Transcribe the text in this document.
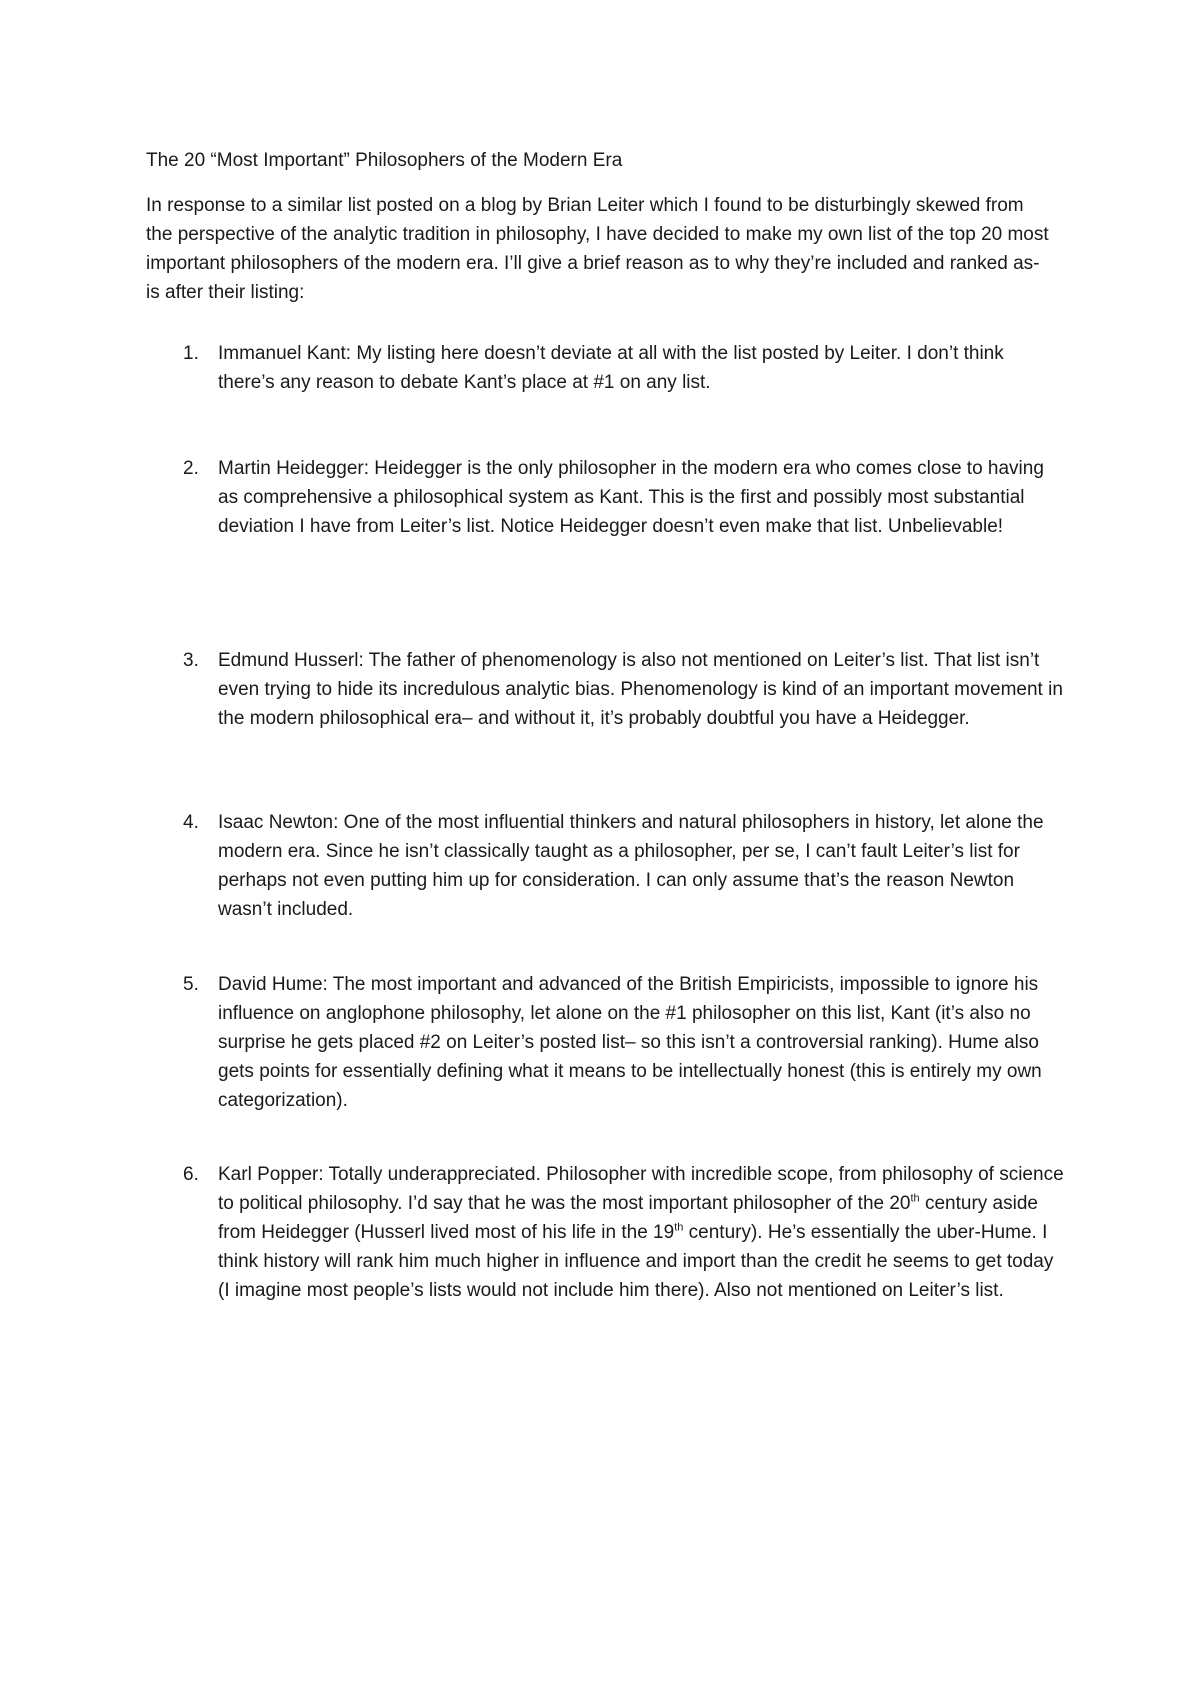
The 20 “Most Important” Philosophers of the Modern Era
In response to a similar list posted on a blog by Brian Leiter which I found to be disturbingly skewed from the perspective of the analytic tradition in philosophy, I have decided to make my own list of the top 20 most important philosophers of the modern era. I’ll give a brief reason as to why they’re included and ranked as-is after their listing:
1.	Immanuel Kant: My listing here doesn’t deviate at all with the list posted by Leiter. I don’t think there’s any reason to debate Kant’s place at #1 on any list.
2.	Martin Heidegger: Heidegger is the only philosopher in the modern era who comes close to having as comprehensive a philosophical system as Kant. This is the first and possibly most substantial deviation I have from Leiter’s list. Notice Heidegger doesn’t even make that list. Unbelievable!
3.	Edmund Husserl: The father of phenomenology is also not mentioned on Leiter’s list. That list isn’t even trying to hide its incredulous analytic bias. Phenomenology is kind of an important movement in the modern philosophical era– and without it, it’s probably doubtful you have a Heidegger.
4.	Isaac Newton: One of the most influential thinkers and natural philosophers in history, let alone the modern era. Since he isn’t classically taught as a philosopher, per se, I can’t fault Leiter’s list for perhaps not even putting him up for consideration. I can only assume that’s the reason Newton wasn’t included.
5.	David Hume: The most important and advanced of the British Empiricists, impossible to ignore his influence on anglophone philosophy, let alone on the #1 philosopher on this list, Kant (it’s also no surprise he gets placed #2 on Leiter’s posted list– so this isn’t a controversial ranking). Hume also gets points for essentially defining what it means to be intellectually honest (this is entirely my own categorization).
6.	Karl Popper: Totally underappreciated. Philosopher with incredible scope, from philosophy of science to political philosophy. I’d say that he was the most important philosopher of the 20th century aside from Heidegger (Husserl lived most of his life in the 19th century). He’s essentially the uber-Hume. I think history will rank him much higher in influence and import than the credit he seems to get today (I imagine most people’s lists would not include him there). Also not mentioned on Leiter’s list.
